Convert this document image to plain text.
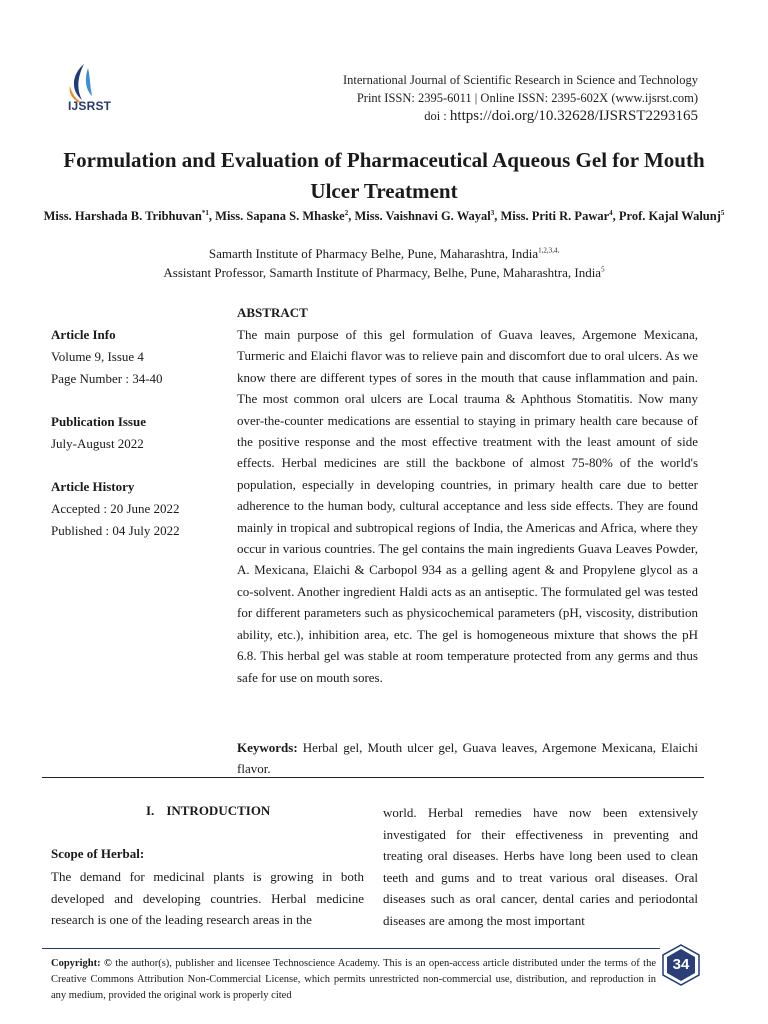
IJSRST
International Journal of Scientific Research in Science and Technology
Print ISSN: 2395-6011 | Online ISSN: 2395-602X (www.ijsrst.com)
doi : https://doi.org/10.32628/IJSRST2293165
Formulation and Evaluation of Pharmaceutical Aqueous Gel for Mouth Ulcer Treatment
Miss. Harshada B. Tribhuvan$^{*1}$, Miss. Sapana S. Mhaske$^2$, Miss. Vaishnavi G. Wayal$^3$, Miss. Priti R. Pawar$^4$, Prof. Kajal Walunj$^5$
Samarth Institute of Pharmacy Belhe, Pune, Maharashtra, India$^{1,2,3,4,}$
Assistant Professor, Samarth Institute of Pharmacy, Belhe, Pune, Maharashtra, India$^5$
Article Info
Volume 9, Issue 4
Page Number : 34-40
Publication Issue
July-August 2022
Article History
Accepted : 20 June 2022
Published : 04 July 2022
ABSTRACT
The main purpose of this gel formulation of Guava leaves, Argemone Mexicana, Turmeric and Elaichi flavor was to relieve pain and discomfort due to oral ulcers. As we know there are different types of sores in the mouth that cause inflammation and pain. The most common oral ulcers are Local trauma & Aphthous Stomatitis. Now many over-the-counter medications are essential to staying in primary health care because of the positive response and the most effective treatment with the least amount of side effects. Herbal medicines are still the backbone of almost 75-80% of the world's population, especially in developing countries, in primary health care due to better adherence to the human body, cultural acceptance and less side effects. They are found mainly in tropical and subtropical regions of India, the Americas and Africa, where they occur in various countries. The gel contains the main ingredients Guava Leaves Powder, A. Mexicana, Elaichi & Carbopol 934 as a gelling agent & and Propylene glycol as a co-solvent. Another ingredient Haldi acts as an antiseptic. The formulated gel was tested for different parameters such as physicochemical parameters (pH, viscosity, distribution ability, etc.), inhibition area, etc. The gel is homogeneous mixture that shows the pH 6.8. This herbal gel was stable at room temperature protected from any germs and thus safe for use on mouth sores.
Keywords: Herbal gel, Mouth ulcer gel, Guava leaves, Argemone Mexicana, Elaichi flavor.
I. INTRODUCTION
Scope of Herbal:
The demand for medicinal plants is growing in both developed and developing countries. Herbal medicine research is one of the leading research areas in the
world. Herbal remedies have now been extensively investigated for their effectiveness in preventing and treating oral diseases. Herbs have long been used to clean teeth and gums and to treat various oral diseases. Oral diseases such as oral cancer, dental caries and periodontal diseases are among the most important
Copyright: © the author(s), publisher and licensee Technoscience Academy. This is an open-access article distributed under the terms of the Creative Commons Attribution Non-Commercial License, which permits unrestricted non-commercial use, distribution, and reproduction in any medium, provided the original work is properly cited
34
